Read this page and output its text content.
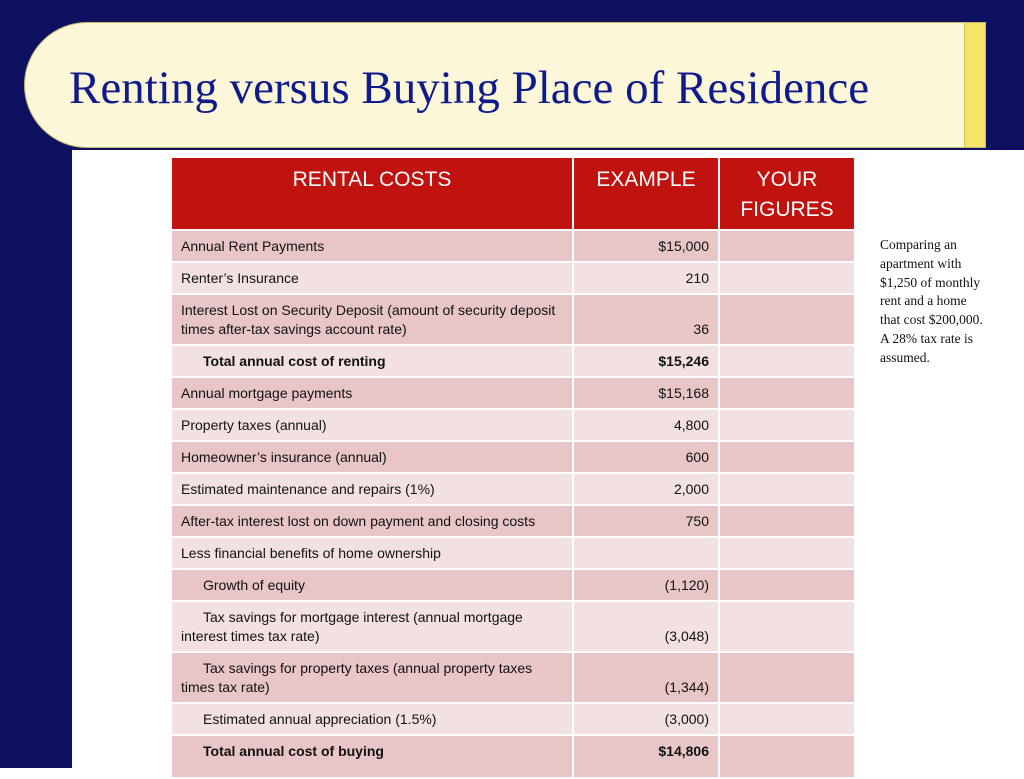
Renting versus Buying Place of Residence
RENTAL COSTS	EXAMPLE	YOUR FIGURES
Annual Rent Payments	$15,000	
Renter’s Insurance	210	
Interest Lost on Security Deposit (amount of security deposit times after-tax savings account rate)	36	
Total annual cost of renting	$15,246	
Annual mortgage payments	$15,168	
Property taxes (annual)	4,800	
Homeowner’s insurance (annual)	600	
Estimated maintenance and repairs (1%)	2,000	
After-tax interest lost on down payment and closing costs	750	
Less financial benefits of home ownership		
Growth of equity	(1,120)	
Tax savings for mortgage interest (annual mortgage interest times tax rate)	(3,048)	
Tax savings for property taxes (annual property taxes times tax rate)	(1,344)	
Estimated annual appreciation (1.5%)	(3,000)	
Total annual cost of buying	$14,806	
Comparing an apartment with $1,250 of monthly rent and a home that cost $200,000. A 28% tax rate is assumed.
